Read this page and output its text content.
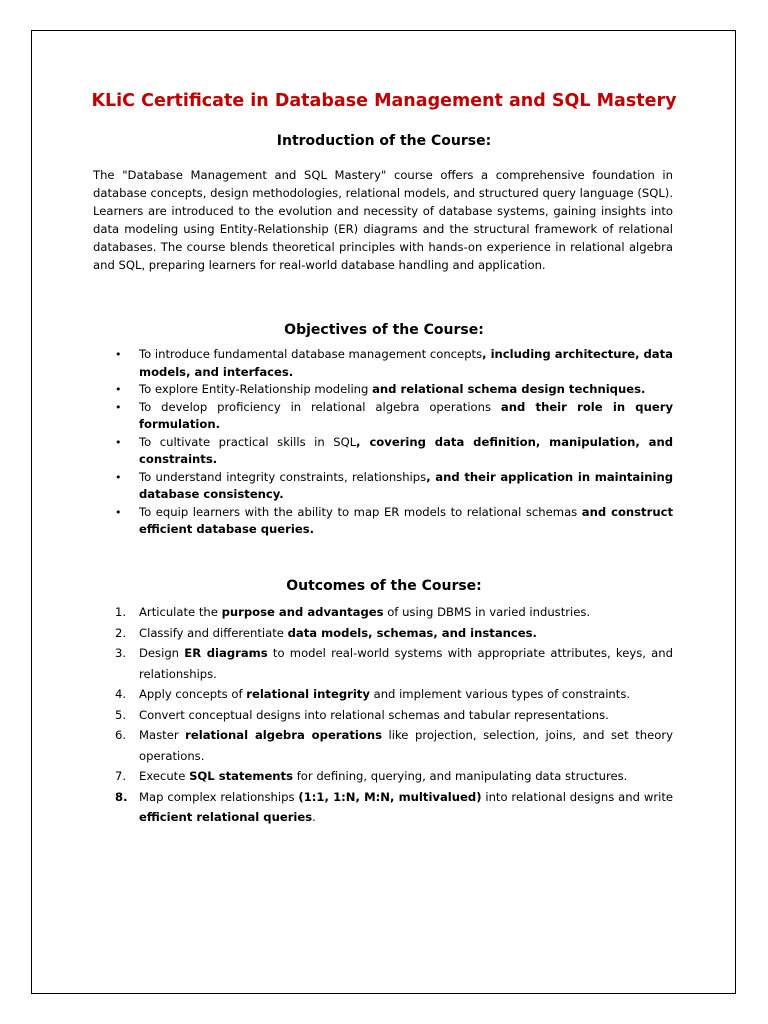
KLiC Certificate in Database Management and SQL Mastery
Introduction of the Course:

The "Database Management and SQL Mastery" course offers a comprehensive foundation in database concepts, design methodologies, relational models, and structured query language (SQL). Learners are introduced to the evolution and necessity of database systems, gaining insights into data modeling using Entity-Relationship (ER) diagrams and the structural framework of relational databases. The course blends theoretical principles with hands-on experience in relational algebra and SQL, preparing learners for real-world database handling and application.

Objectives of the Course:
• To introduce fundamental database management concepts, including architecture, data models, and interfaces.
• To explore Entity-Relationship modeling and relational schema design techniques.
• To develop proficiency in relational algebra operations and their role in query formulation.
• To cultivate practical skills in SQL, covering data definition, manipulation, and constraints.
• To understand integrity constraints, relationships, and their application in maintaining database consistency.
• To equip learners with the ability to map ER models to relational schemas and construct efficient database queries.
Outcomes of the Course:
1. Articulate the purpose and advantages of using DBMS in varied industries.
2. Classify and differentiate data models, schemas, and instances.
3. Design ER diagrams to model real-world systems with appropriate attributes, keys, and relationships.
4. Apply concepts of relational integrity and implement various types of constraints.
5. Convert conceptual designs into relational schemas and tabular representations.
6. Master relational algebra operations like projection, selection, joins, and set theory operations.
7. Execute SQL statements for defining, querying, and manipulating data structures.
8. Map complex relationships (1:1, 1:N, M:N, multivalued) into relational designs and write efficient relational queries.
